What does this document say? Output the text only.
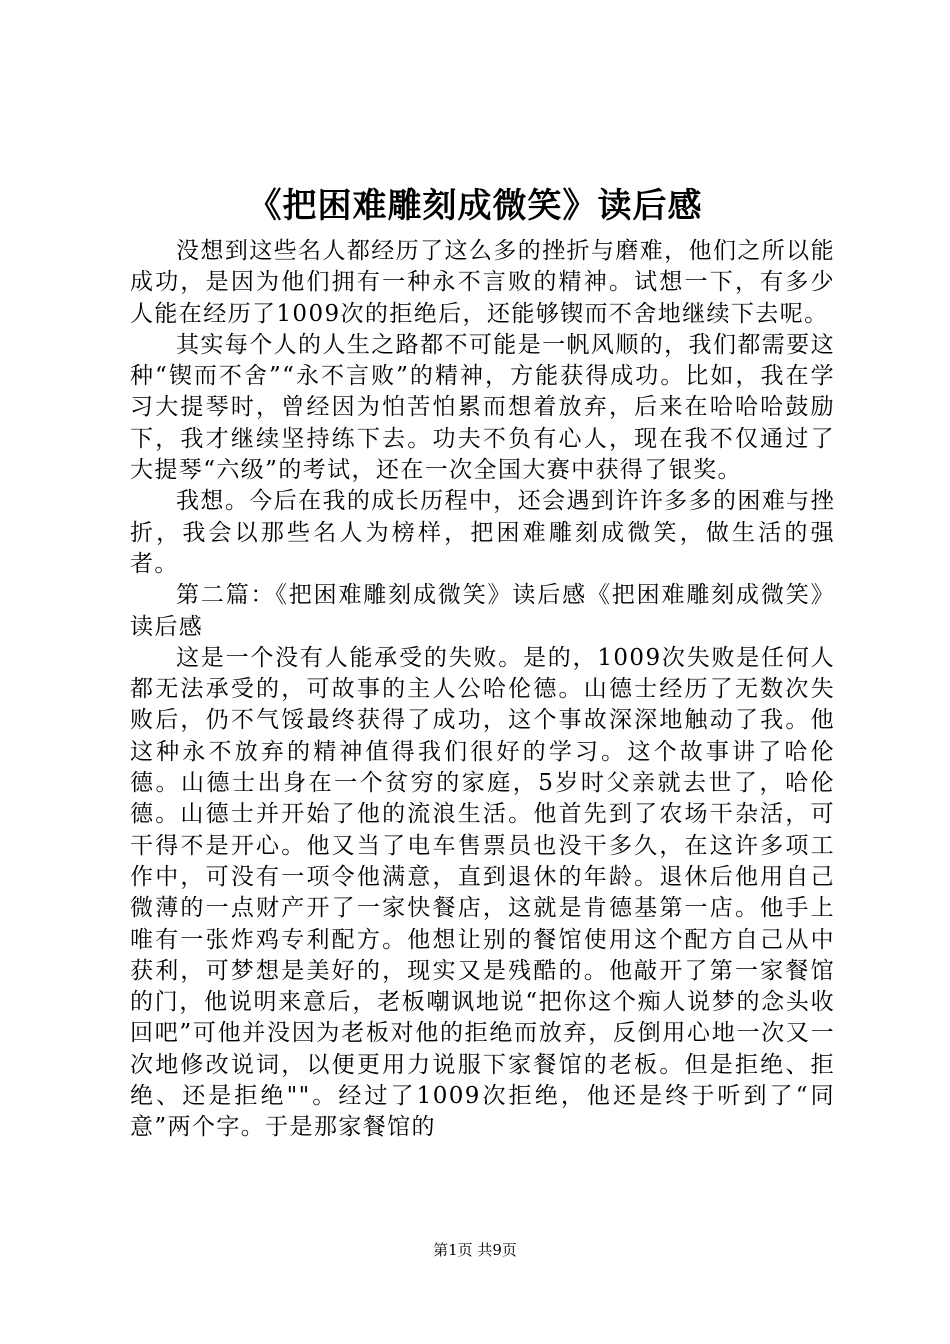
《把困难雕刻成微笑》读后感

没想到这些名人都经历了这么多的挫折与磨难，他们之所以能成功，是因为他们拥有一种永不言败的精神。试想一下，有多少人能在经历了1009次的拒绝后，还能够锲而不舍地继续下去呢。

其实每个人的人生之路都不可能是一帆风顺的，我们都需要这种“锲而不舍”“永不言败”的精神，方能获得成功。比如，我在学习大提琴时，曾经因为怕苦怕累而想着放弃，后来在哈哈哈鼓励下，我才继续坚持练下去。功夫不负有心人，现在我不仅通过了大提琴“六级”的考试，还在一次全国大赛中获得了银奖。

我想。今后在我的成长历程中，还会遇到许许多多的困难与挫折，我会以那些名人为榜样，把困难雕刻成微笑，做生活的强者。

第二篇：《把困难雕刻成微笑》读后感《把困难雕刻成微笑》读后感

这是一个没有人能承受的失败。是的，1009次失败是任何人都无法承受的，可故事的主人公哈伦德。山德士经历了无数次失败后，仍不气馁最终获得了成功，这个事故深深地触动了我。他这种永不放弃的精神值得我们很好的学习。这个故事讲了哈伦德。山德士出身在一个贫穷的家庭，5岁时父亲就去世了，哈伦德。山德士并开始了他的流浪生活。他首先到了农场干杂活，可干得不是开心。他又当了电车售票员也没干多久，在这许多项工作中，可没有一项令他满意，直到退休的年龄。退休后他用自己微薄的一点财产开了一家快餐店，这就是肯德基第一店。他手上唯有一张炸鸡专利配方。他想让别的餐馆使用这个配方自己从中获利，可梦想是美好的，现实又是残酷的。他敲开了第一家餐馆的门，他说明来意后，老板嘲讽地说“把你这个痴人说梦的念头收回吧”可他并没因为老板对他的拒绝而放弃，反倒用心地一次又一次地修改说词，以便更用力说服下家餐馆的老板。但是拒绝、拒绝、还是拒绝""。经过了1009次拒绝，他还是终于听到了“同意”两个字。于是那家餐馆的

第1页 共9页
